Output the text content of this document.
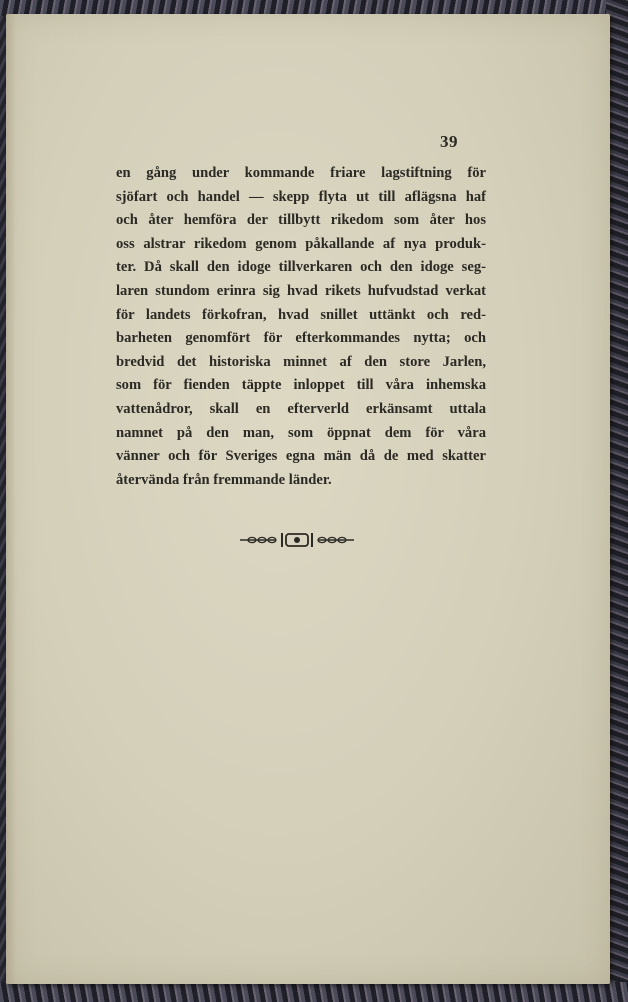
39
en gång under kommande friare lagstiftning för
sjöfart och handel — skepp flyta ut till aflägsna haf
och åter hemföra der tillbytt rikedom som åter hos
oss alstrar rikedom genom påkallande af nya produk-
ter. Då skall den idoge tillverkaren och den idoge seg-
laren stundom erinra sig hvad rikets hufvudstad verkat
för landets förkofran, hvad snillet uttänkt och red-
barheten genomfört för efterkommandes nytta; och
bredvid det historiska minnet af den store Jarlen,
som för fienden täppte inloppet till våra inhemska
vattenådror, skall en efterverld erkänsamt uttala
namnet på den man, som öppnat dem för våra
vänner och för Sveriges egna män då de med skatter
återvända från fremmande länder.
